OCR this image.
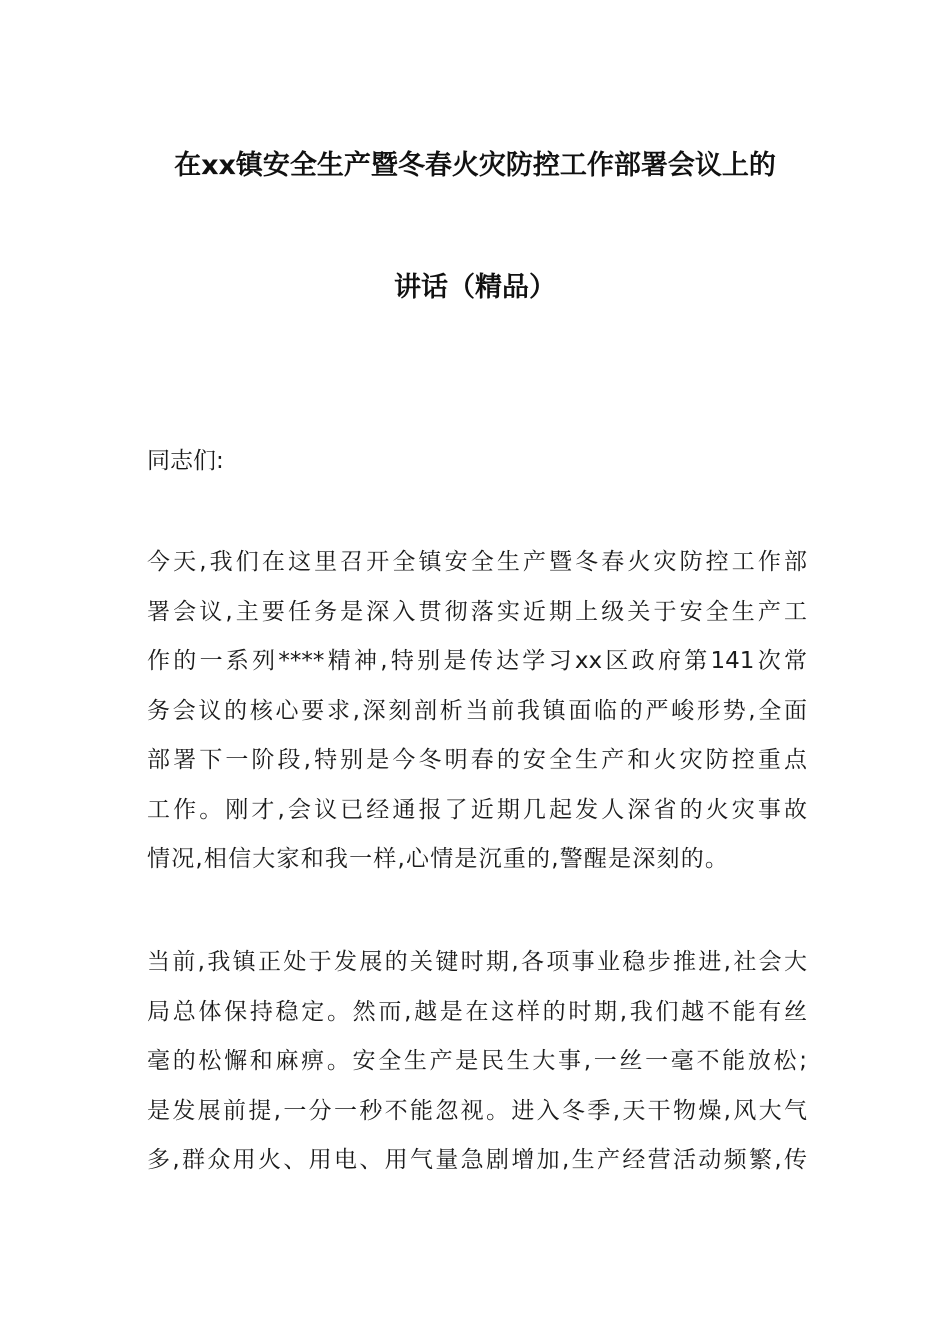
在xx镇安全生产暨冬春火灾防控工作部署会议上的
讲话（精品）
同志们:
今天,我们在这里召开全镇安全生产暨冬春火灾防控工作部
署会议,主要任务是深入贯彻落实近期上级关于安全生产工
作的一系列****精神,特别是传达学习xx区政府第141次常
务会议的核心要求,深刻剖析当前我镇面临的严峻形势,全面
部署下一阶段,特别是今冬明春的安全生产和火灾防控重点
工作。刚才,会议已经通报了近期几起发人深省的火灾事故
情况,相信大家和我一样,心情是沉重的,警醒是深刻的。
当前,我镇正处于发展的关键时期,各项事业稳步推进,社会大
局总体保持稳定。然而,越是在这样的时期,我们越不能有丝
毫的松懈和麻痹。安全生产是民生大事,一丝一毫不能放松;
是发展前提,一分一秒不能忽视。进入冬季,天干物燥,风大气
多,群众用火、用电、用气量急剧增加,生产经营活动频繁,传
